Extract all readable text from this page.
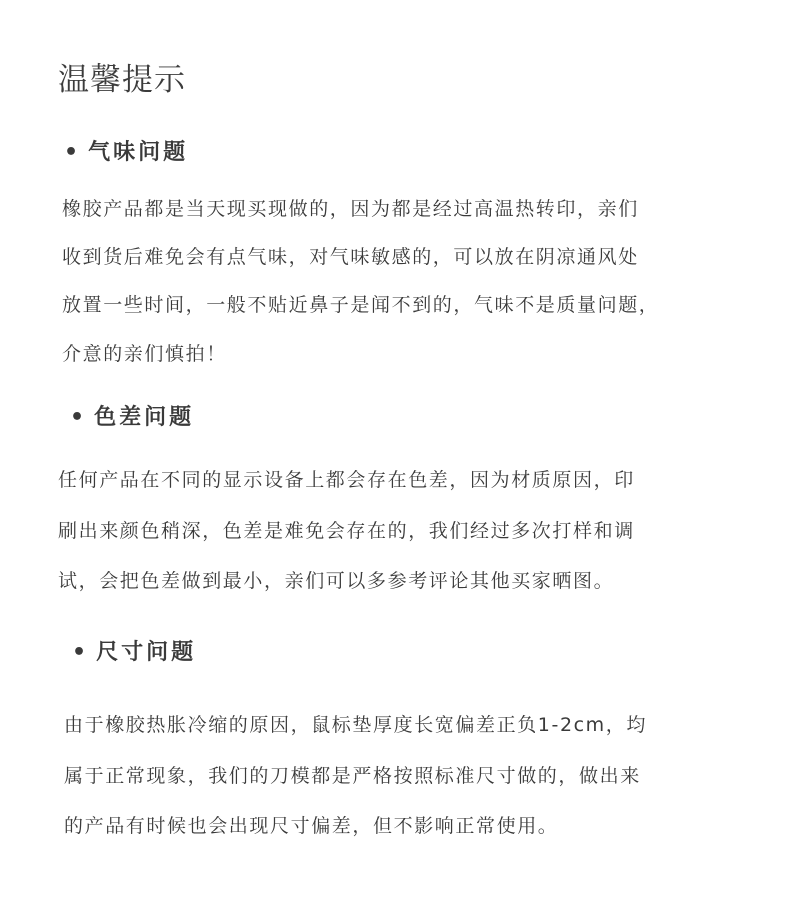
温馨提示
• 气味问题
橡胶产品都是当天现买现做的，因为都是经过高温热转印，亲们
收到货后难免会有点气味，对气味敏感的，可以放在阴凉通风处
放置一些时间，一般不贴近鼻子是闻不到的，气味不是质量问题，
介意的亲们慎拍！
• 色差问题
任何产品在不同的显示设备上都会存在色差，因为材质原因，印
刷出来颜色稍深，色差是难免会存在的，我们经过多次打样和调
试，会把色差做到最小，亲们可以多参考评论其他买家晒图。
• 尺寸问题
由于橡胶热胀冷缩的原因，鼠标垫厚度长宽偏差正负1-2cm，均
属于正常现象，我们的刀模都是严格按照标准尺寸做的，做出来
的产品有时候也会出现尺寸偏差，但不影响正常使用。
